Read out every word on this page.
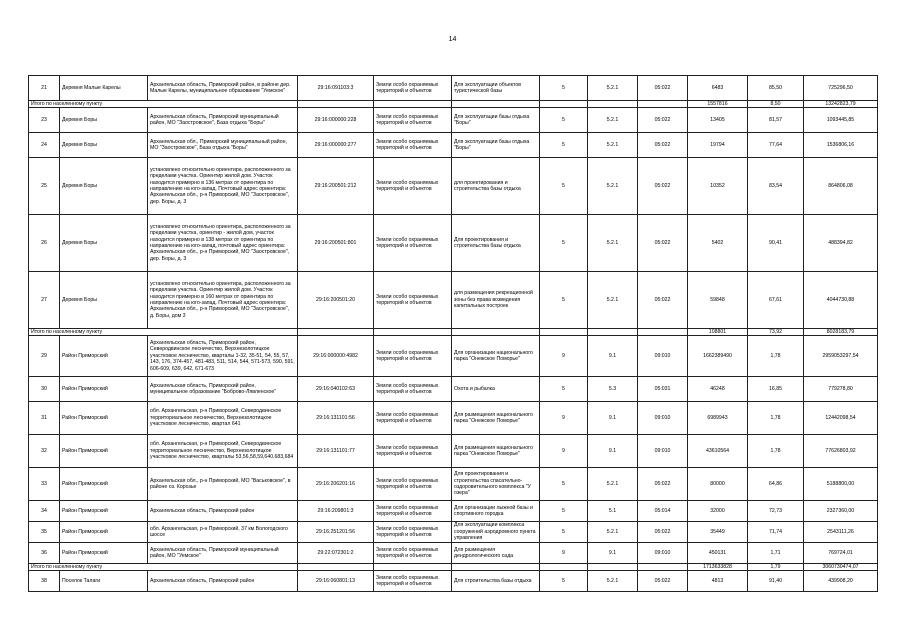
14
21	Деревня Малые Карелы	Архангельская область, Приморский район, в районе дер. Малые Карелы, муниципальное образование "Уемское"	29:16:091103:3	Земли особо охраняемых территорий и объектов	Для эксплуатации объектов туристической базы	5	5.2.1	05:022	6483	85,50	725296,50
Итого по населенному пункту									1557816	8,50	13242823,79
23	Деревня Боры	Архангельская область, Приморский муниципальный район, МО "Заостровское", База отдыха "Боры"	29:16:000000:228	Земли особо охраняемых территорий и объектов	Для эксплуатации базы отдыха "Боры"	5	5.2.1	05:022	13405	81,57	1093445,85
24	Деревня Боры	Архангельская обл., Приморский муниципальный район, МО "Заостровское", База отдыха "Боры"	29:16:000000:277	Земли особо охраняемых территорий и объектов	Для эксплуатации базы отдыха "Боры"	5	5.2.1	05:022	19794	77,64	1536806,16
25	Деревня Боры	установлено относительно ориентира, расположенного за пределами участка. Ориентир жилой дом. Участок находится примерно в 136 метрах от ориентира по направлению на юго-запад. Почтовый адрес ориентира: Архангельская обл., р-н Приморский, МО "Заостровское", дер. Боры, д. 3	29:16:200501:212	Земли особо охраняемых территорий и объектов	для проектирования и строительства базы отдыха	5	5.2.1	05:022	10352	83,54	864806,08
26	Деревня Боры	установлено относительно ориентира, расположенного за пределами участка, ориентир - жилой дом, участок находится примерно в 138 метрах от ориентира по направлению на юго-запад, почтовый адрес ориентира: Архангельская обл., р-н Приморский, МО "Заостровское", дер. Боры, д. 3	29:16:200501:801	Земли особо охраняемых территорий и объектов	Для проектирования и строительства базы отдыха	5	5.2.1	05:022	5402	90,41	488394,82
27	Деревня Боры	установлено относительно ориентира, расположенного за пределами участка. Ориентир жилой дом. Участок находится примерно в 160 метрах от ориентира по направлению на юго-запад. Почтовый адрес ориентира: Архангельская обл., р-н Приморский, МО "Заостровское", д. Боры, дом 3	29:16:200501:20	Земли особо охраняемых территорий и объектов	для размещения рекреационной зоны без права возведения капитальных построек	5	5.2.1	05:022	59848	67,61	4044730,88
Итого по населенному пункту									108801	73,92	8028183,79
29	Район Приморский	Архангельская область, Приморский район, Северодвинское лесничество, Верхнезолотицкое участковое лесничество, кварталы 1-32, 35-51, 54, 55, 57, 143, 176, 374-457, 481-483, 511, 514, 544, 571-573, 590, 591, 606-609, 639, 642, 671-673	29:16:000000:4982	Земли особо охраняемых территорий и объектов	Для организации национального парка "Онежское Поморье"	9	9.1	09:010	1662389490	1,78	2959053297,54
30	Район Приморский	Архангельская область, Приморский район, муниципальное образование "Боброво-Лявленское"	29:16:040102:63	Земли особо охраняемых территорий и объектов	Охота и рыбалка	5	5.3	05:031	46248	16,85	779278,80
31	Район Приморский	обл. Архангельская, р-н Приморский, Северодвинское территориальное лесничество, Верхнезолотицкое участковое лесничество, квартал 641	29:16:131101:56	Земли особо охраняемых территорий и объектов	Для размещения национального парка "Онежское Поморье"	9	9.1	09:010	6989943	1,78	12442098,54
32	Район Приморский	обл. Архангельская, р-н Приморский, Северодвинское территориальное лесничество, Верхнезолотицкое участковое лесничество, кварталы 53,56,58,59,640,683,684	29:16:131101:77	Земли особо охраняемых территорий и объектов	Для размещения национального парка "Онежское Поморье"	9	9.1	09:010	43610564	1,78	77626803,92
33	Район Приморский	Архангельская обл., р-н Приморский, МО "Васьковское", в районе оз. Корозье	29:16:206201:16	Земли особо охраняемых территорий и объектов	Для проектирования и строительства спасательно-оздоровительного комплекса "У озера"	5	5.2.1	05:022	80000	64,86	5188800,00
34	Район Приморский	Архангельская область, Приморский район	29:16:209801:3	Земли особо охраняемых территорий и объектов	Для организации лыжной базы и спортивного городка	5	5.1	05:014	32000	72,73	2327360,00
35	Район Приморский	обл. Архангельская, р-н Приморский, 37 км Вологодского шоссе	29:16:251201:56	Земли особо охраняемых территорий и объектов	Для эксплуатации комплекса сооружений аэродромного пункта управления	5	5.2.1	05:022	35449	71,74	2543111,26
36	Район Приморский	Архангельская область, Приморский муниципальный район, МО "Уемское"	29:22:072301:2	Земли особо охраняемых территорий и объектов	Для размещения дендрологического сада	9	9.1	09:010	450131	1,71	769724,01
Итого по населенному пункту									1713633828	1,79	3060730474,07
38	Поселок Талаги	Архангельская область, Приморский район	29:16:060801:13	Земли особо охраняемых территорий и объектов	Для строительства базы отдыха	5	5.2.1	05:022	4813	91,40	439908,20
